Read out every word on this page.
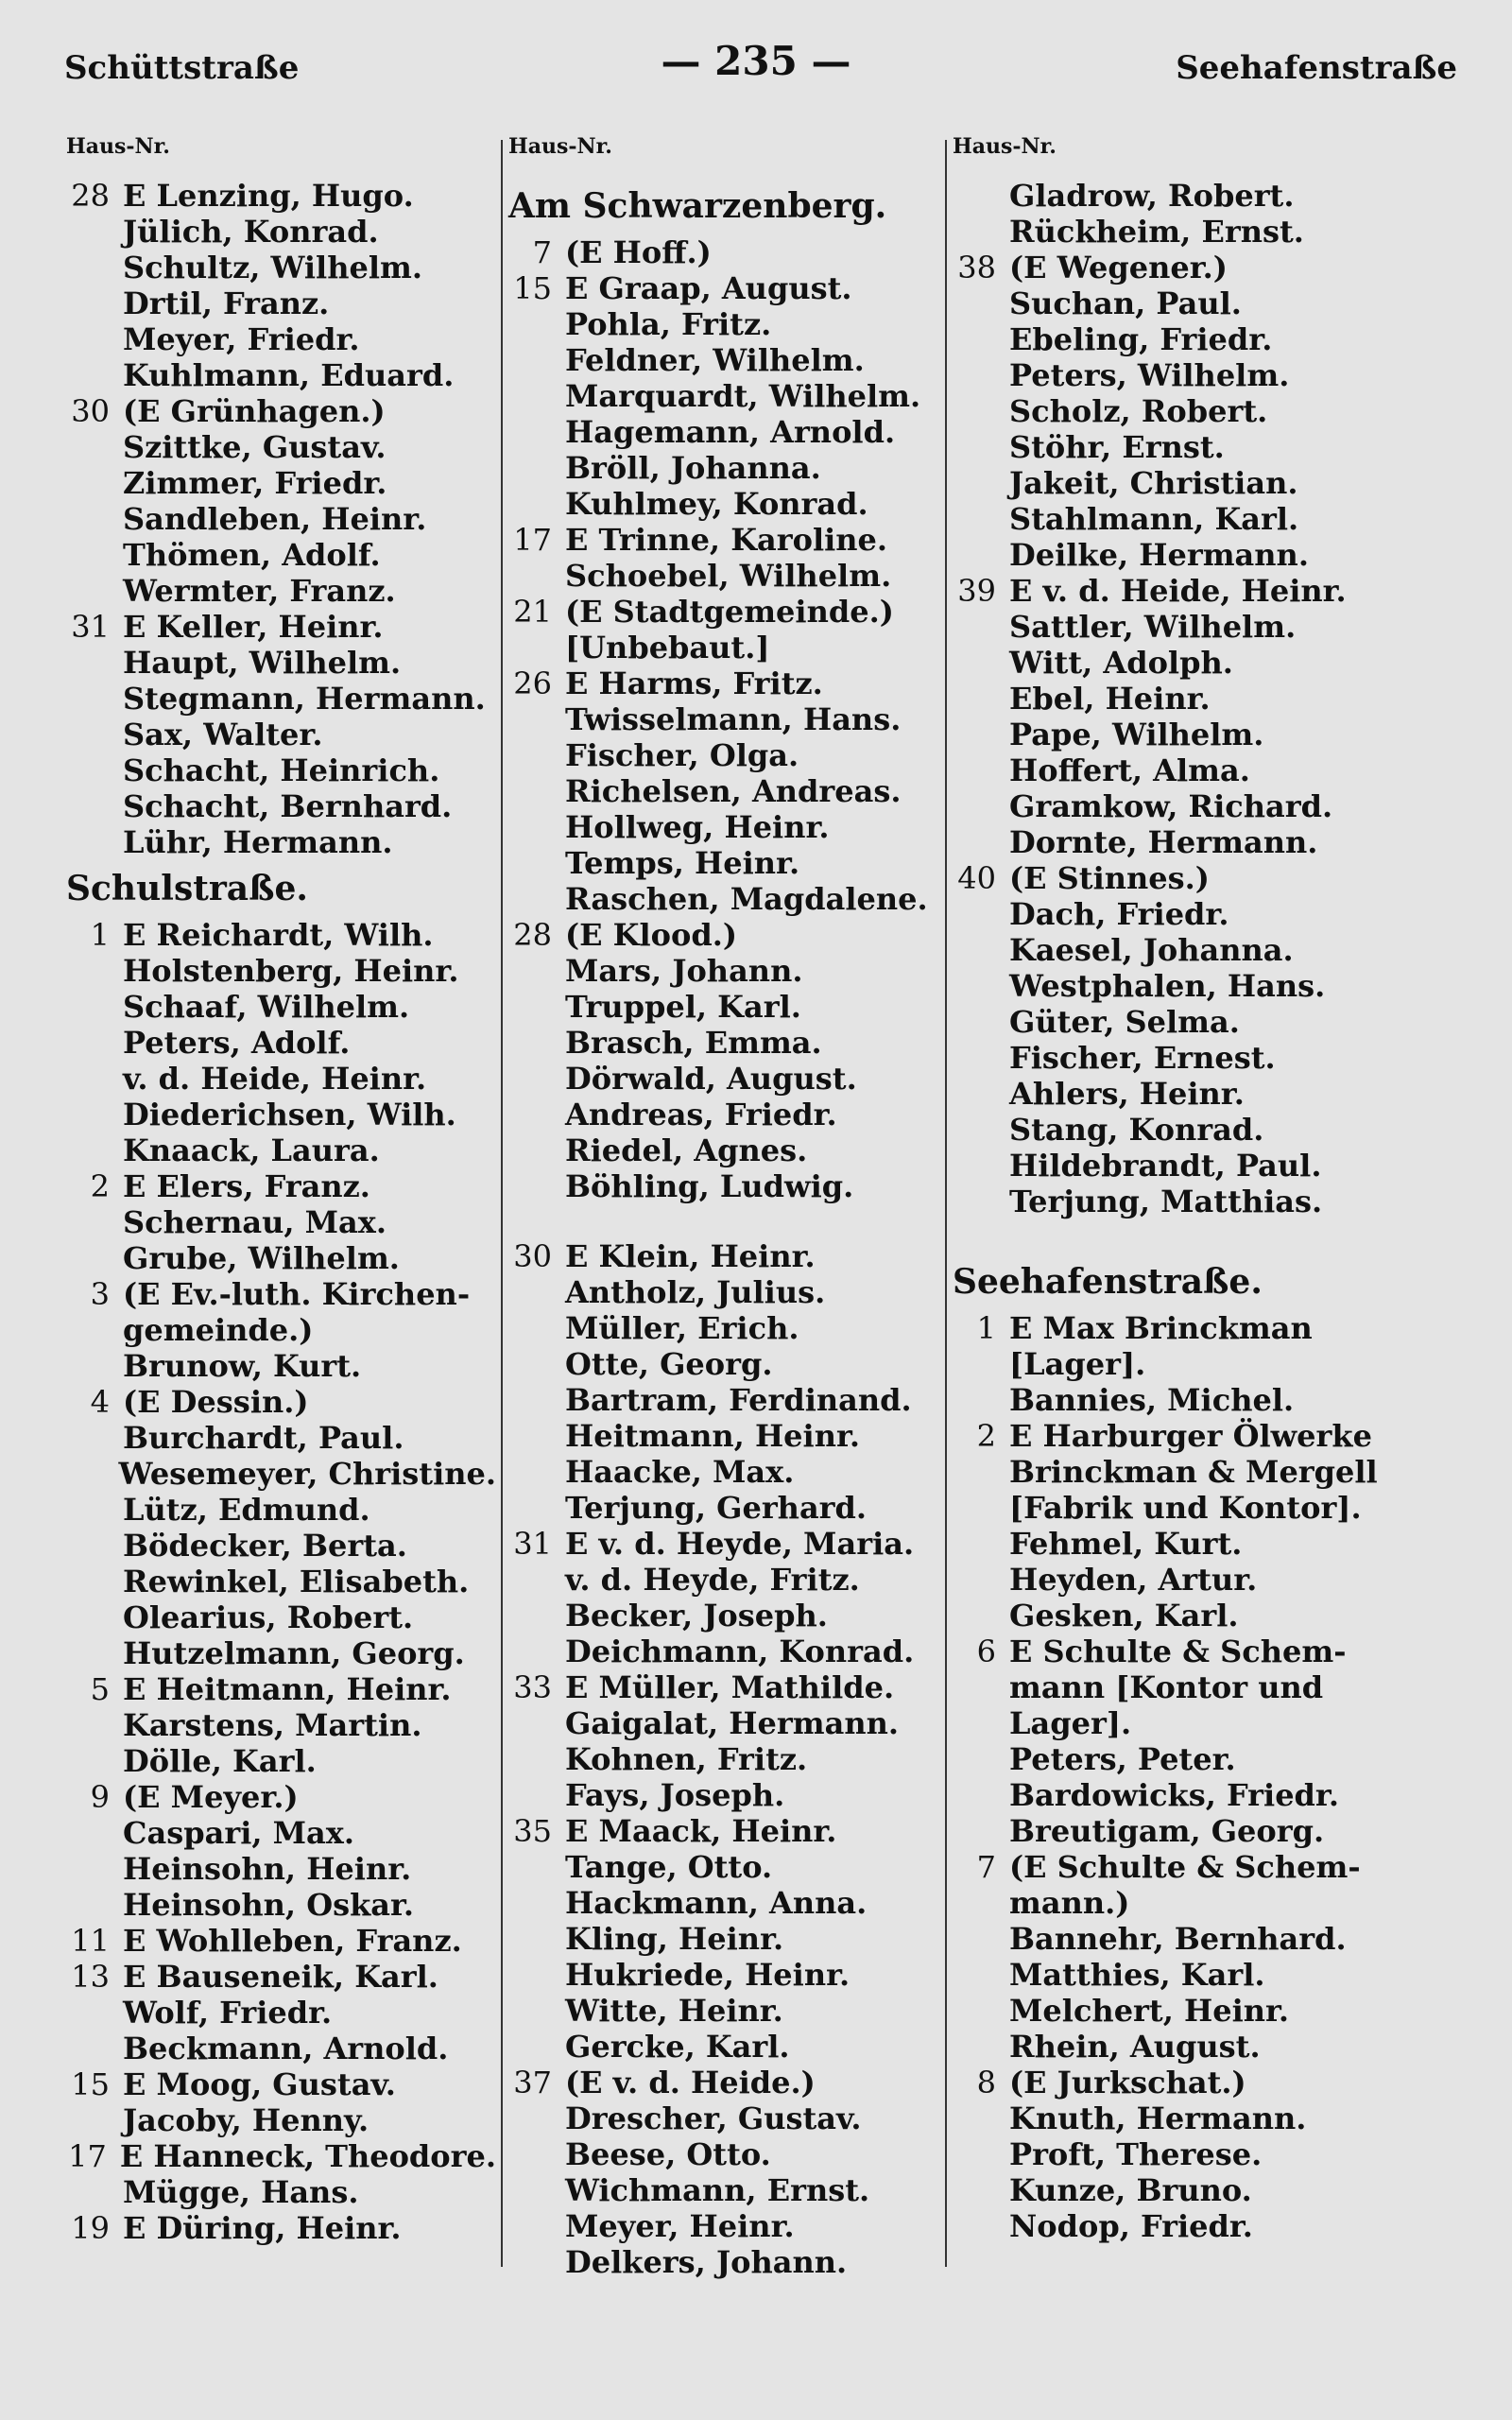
Schüttstraße	— 235 —	Seehafenstraße
Haus-Nr.
28 E Lenzing, Hugo.
Jülich, Konrad.
Schultz, Wilhelm.
Drtil, Franz.
Meyer, Friedr.
Kuhlmann, Eduard.
30 (E Grünhagen.)
Szittke, Gustav.
Zimmer, Friedr.
Sandleben, Heinr.
Thömen, Adolf.
Wermter, Franz.
31 E Keller, Heinr.
Haupt, Wilhelm.
Stegmann, Hermann.
Sax, Walter.
Schacht, Heinrich.
Schacht, Bernhard.
Lühr, Hermann.
Schulstraße.
1 E Reichardt, Wilh.
Holstenberg, Heinr.
Schaaf, Wilhelm.
Peters, Adolf.
v. d. Heide, Heinr.
Diederichsen, Wilh.
Knaack, Laura.
2 E Elers, Franz.
Schernau, Max.
Grube, Wilhelm.
3 (E Ev.-luth. Kirchen-
gemeinde.)
Brunow, Kurt.
4 (E Dessin.)
Burchardt, Paul.
Wesemeyer, Christine.
Lütz, Edmund.
Bödecker, Berta.
Rewinkel, Elisabeth.
Olearius, Robert.
Hutzelmann, Georg.
5 E Heitmann, Heinr.
Karstens, Martin.
Dölle, Karl.
9 (E Meyer.)
Caspari, Max.
Heinsohn, Heinr.
Heinsohn, Oskar.
11 E Wohlleben, Franz.
13 E Bauseneik, Karl.
Wolf, Friedr.
Beckmann, Arnold.
15 E Moog, Gustav.
Jacoby, Henny.
17 E Hanneck, Theodore.
Mügge, Hans.
19 E Düring, Heinr.
Haus-Nr.
Am Schwarzenberg.
7 (E Hoff.)
15 E Graap, August.
Pohla, Fritz.
Feldner, Wilhelm.
Marquardt, Wilhelm.
Hagemann, Arnold.
Bröll, Johanna.
Kuhlmey, Konrad.
17 E Trinne, Karoline.
Schoebel, Wilhelm.
21 (E Stadtgemeinde.)
[Unbebaut.]
26 E Harms, Fritz.
Twisselmann, Hans.
Fischer, Olga.
Richelsen, Andreas.
Hollweg, Heinr.
Temps, Heinr.
Raschen, Magdalene.
28 (E Klood.)
Mars, Johann.
Truppel, Karl.
Brasch, Emma.
Dörwald, August.
Andreas, Friedr.
Riedel, Agnes.
Böhling, Ludwig.
30 E Klein, Heinr.
Antholz, Julius.
Müller, Erich.
Otte, Georg.
Bartram, Ferdinand.
Heitmann, Heinr.
Haacke, Max.
Terjung, Gerhard.
31 E v. d. Heyde, Maria.
v. d. Heyde, Fritz.
Becker, Joseph.
Deichmann, Konrad.
33 E Müller, Mathilde.
Gaigalat, Hermann.
Kohnen, Fritz.
Fays, Joseph.
35 E Maack, Heinr.
Tange, Otto.
Hackmann, Anna.
Kling, Heinr.
Hukriede, Heinr.
Witte, Heinr.
Gercke, Karl.
37 (E v. d. Heide.)
Drescher, Gustav.
Beese, Otto.
Wichmann, Ernst.
Meyer, Heinr.
Delkers, Johann.
Haus-Nr.
Gladrow, Robert.
Rückheim, Ernst.
38 (E Wegener.)
Suchan, Paul.
Ebeling, Friedr.
Peters, Wilhelm.
Scholz, Robert.
Stöhr, Ernst.
Jakeit, Christian.
Stahlmann, Karl.
Deilke, Hermann.
39 E v. d. Heide, Heinr.
Sattler, Wilhelm.
Witt, Adolph.
Ebel, Heinr.
Pape, Wilhelm.
Hoffert, Alma.
Gramkow, Richard.
Dornte, Hermann.
40 (E Stinnes.)
Dach, Friedr.
Kaesel, Johanna.
Westphalen, Hans.
Güter, Selma.
Fischer, Ernest.
Ahlers, Heinr.
Stang, Konrad.
Hildebrandt, Paul.
Terjung, Matthias.
Seehafenstraße.
1 E Max Brinckman
[Lager].
Bannies, Michel.
2 E Harburger Ölwerke
Brinckman & Mergell
[Fabrik und Kontor].
Fehmel, Kurt.
Heyden, Artur.
Gesken, Karl.
6 E Schulte & Schem-
mann [Kontor und
Lager].
Peters, Peter.
Bardowicks, Friedr.
Breutigam, Georg.
7 (E Schulte & Schem-
mann.)
Bannehr, Bernhard.
Matthies, Karl.
Melchert, Heinr.
Rhein, August.
8 (E Jurkschat.)
Knuth, Hermann.
Proft, Therese.
Kunze, Bruno.
Nodop, Friedr.
